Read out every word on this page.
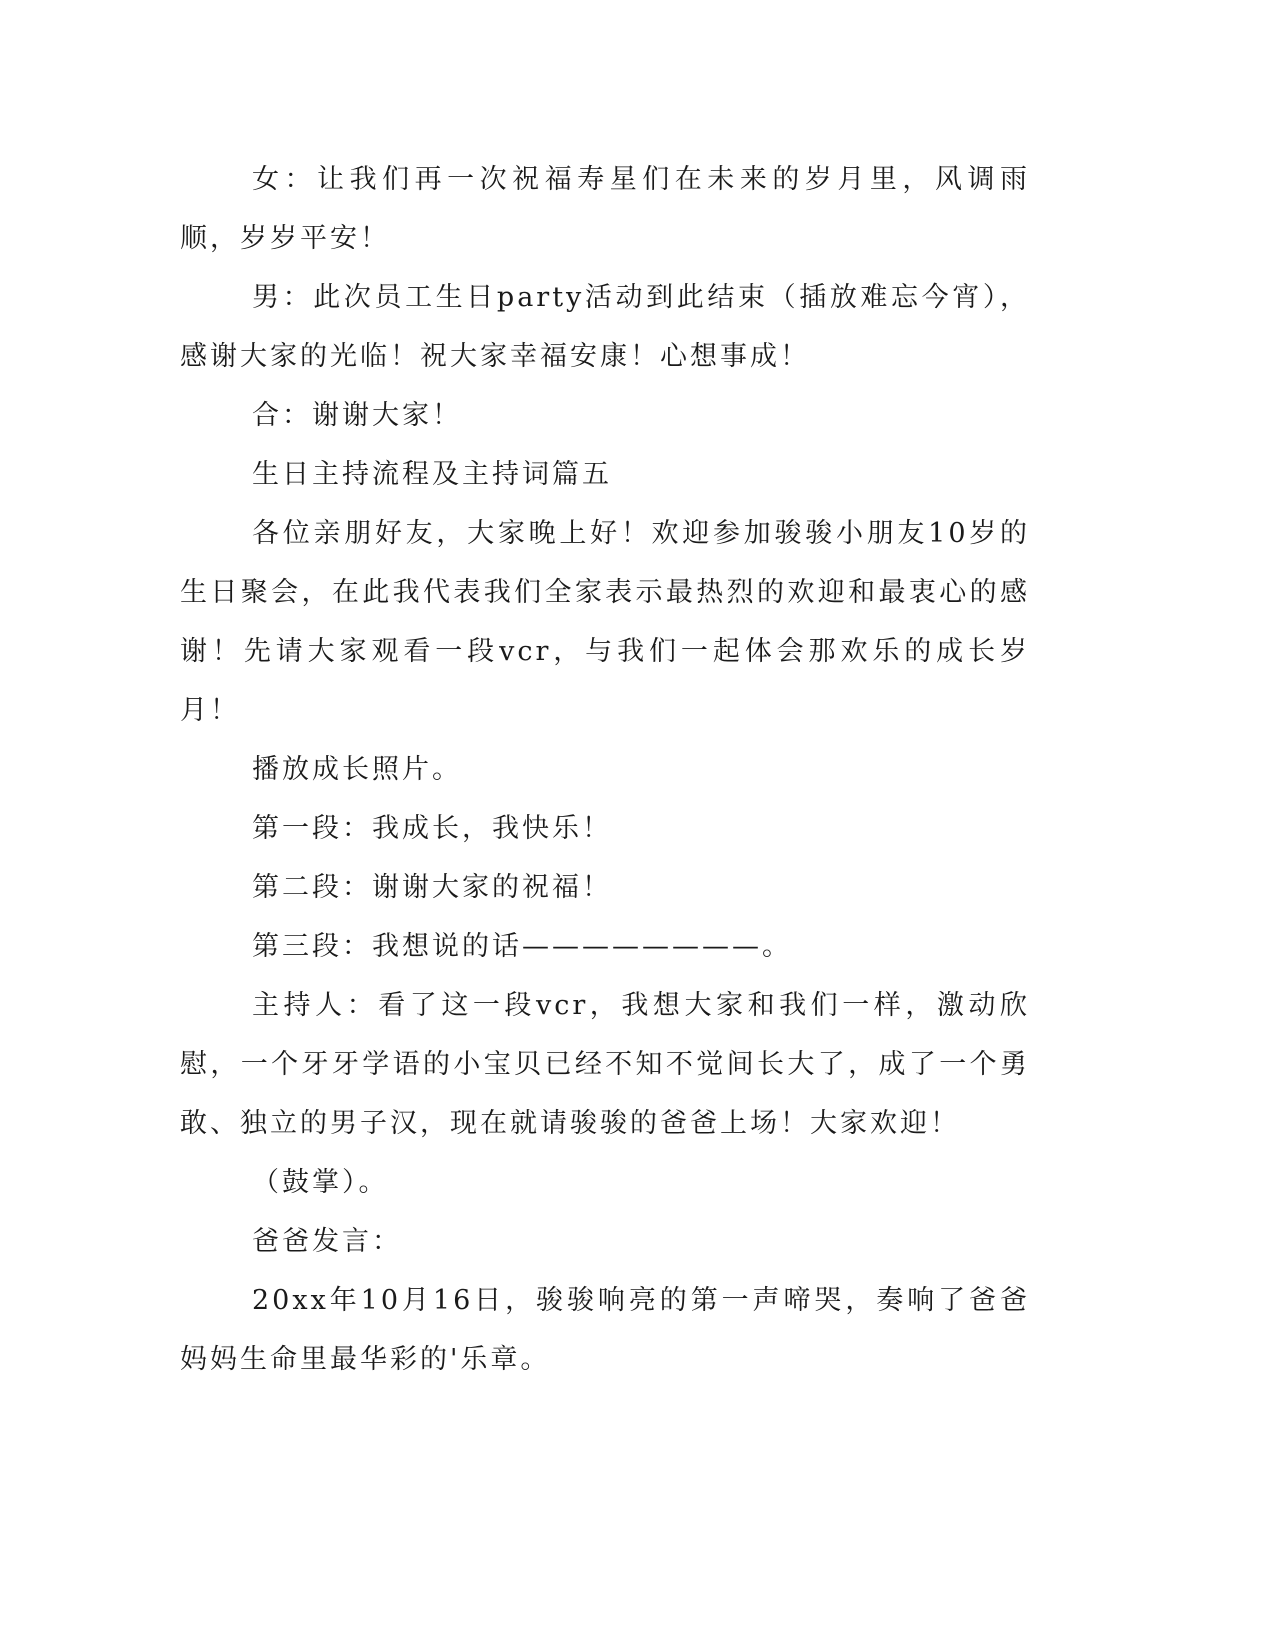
女：让我们再一次祝福寿星们在未来的岁月里，风调雨顺，岁岁平安！

男：此次员工生日party活动到此结束（插放难忘今宵），感谢大家的光临！祝大家幸福安康！心想事成！

合：谢谢大家！

生日主持流程及主持词篇五

各位亲朋好友，大家晚上好！欢迎参加骏骏小朋友10岁的生日聚会，在此我代表我们全家表示最热烈的欢迎和最衷心的感谢！先请大家观看一段vcr，与我们一起体会那欢乐的成长岁月！

播放成长照片。

第一段：我成长，我快乐！

第二段：谢谢大家的祝福！

第三段：我想说的话————————。

主持人：看了这一段vcr，我想大家和我们一样，激动欣慰，一个牙牙学语的小宝贝已经不知不觉间长大了，成了一个勇敢、独立的男子汉，现在就请骏骏的爸爸上场！大家欢迎！

（鼓掌）。

爸爸发言：

20xx年10月16日，骏骏响亮的第一声啼哭，奏响了爸爸妈妈生命里最华彩的'乐章。
